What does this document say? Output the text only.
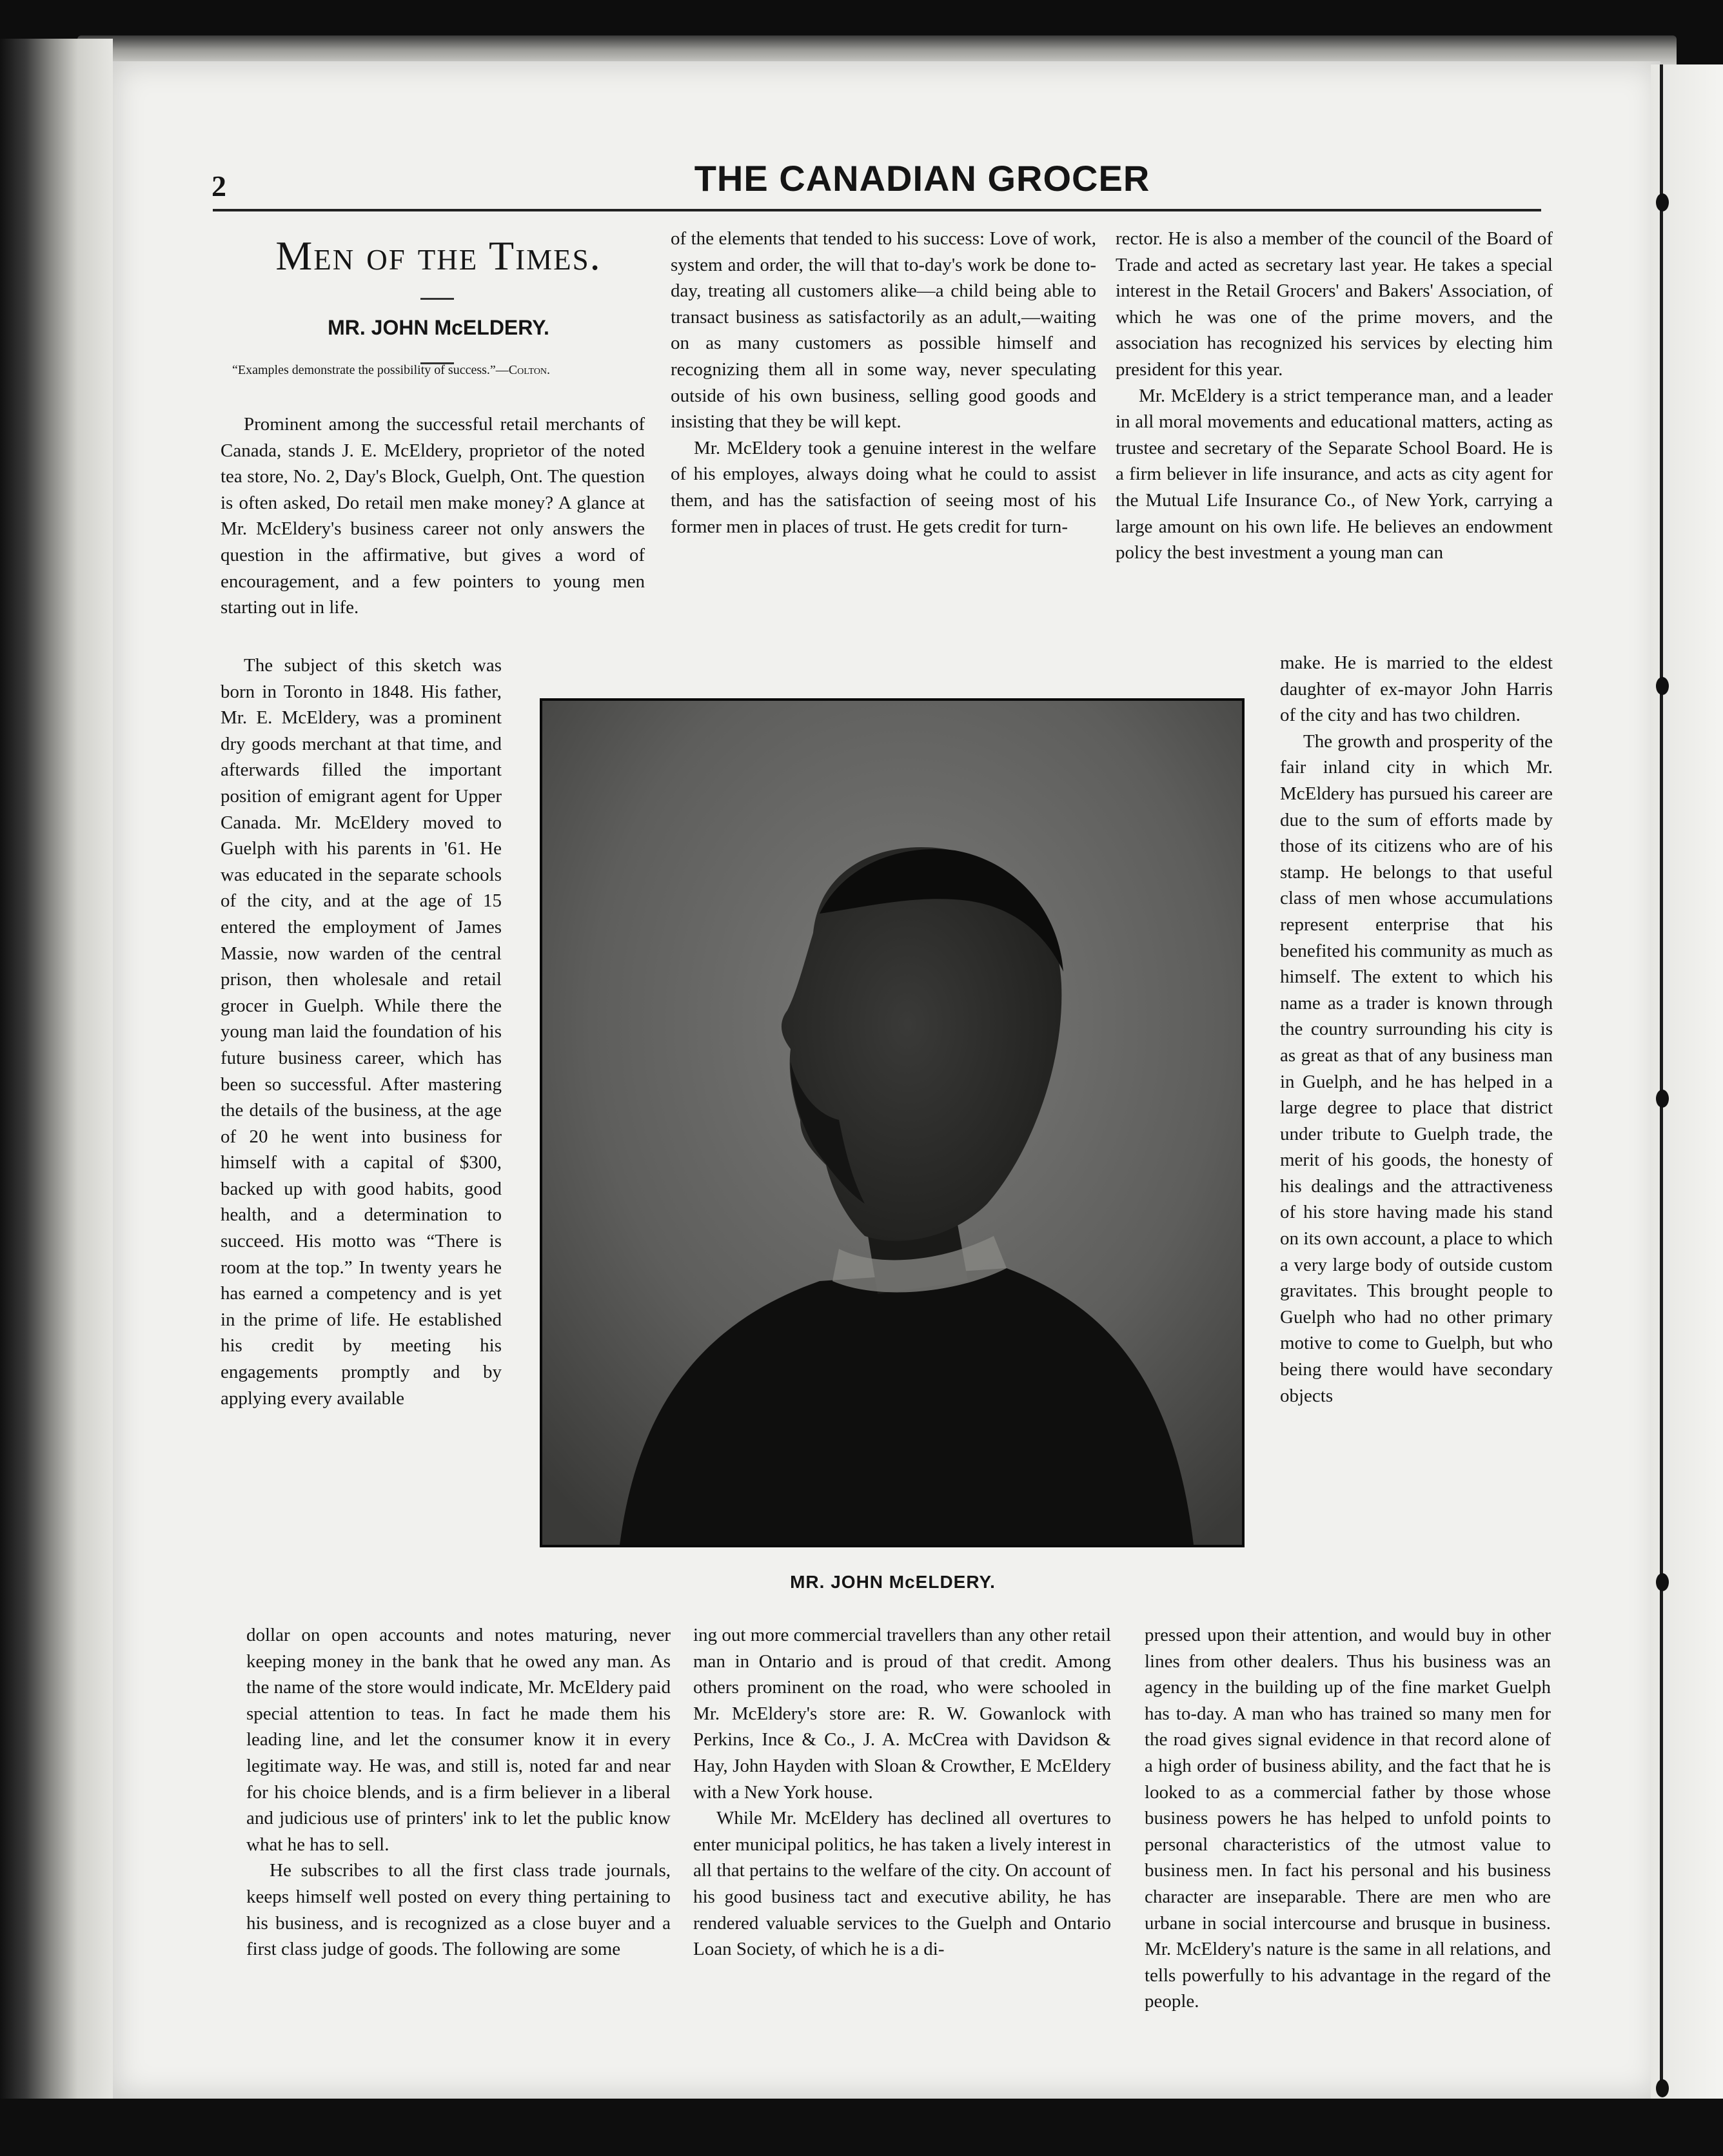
2	THE CANADIAN GROCER
Men of the Times.
MR. JOHN McELDERY.
“Examples demonstrate the possibility of success.”—Colton.

Prominent among the successful retail merchants of Canada, stands J. E. McEldery, proprietor of the noted tea store, No. 2, Day's Block, Guelph, Ont. The question is often asked, Do retail men make money? A glance at Mr. McEldery's business career not only answers the question in the affirmative, but gives a word of encouragement, and a few pointers to young men starting out in life.

The subject of this sketch was born in Toronto in 1848. His father, Mr. E. McEldery, was a prominent dry goods merchant at that time, and afterwards filled the important position of emigrant agent for Upper Canada. Mr. McEldery moved to Guelph with his parents in '61. He was educated in the separate schools of the city, and at the age of 15 entered the employment of James Massie, now warden of the central prison, then wholesale and retail grocer in Guelph. While there the young man laid the foundation of his future business career, which has been so successful. After mastering the details of the business, at the age of 20 he went into business for himself with a capital of $300, backed up with good habits, good health, and a determination to succeed. His motto was “There is room at the top.” In twenty years he has earned a competency and is yet in the prime of life. He established his credit by meeting his engagements promptly and by applying every available

dollar on open accounts and notes maturing, never keeping money in the bank that he owed any man. As the name of the store would indicate, Mr. McEldery paid special attention to teas. In fact he made them his leading line, and let the consumer know it in every legitimate way. He was, and still is, noted far and near for his choice blends, and is a firm believer in a liberal and judicious use of printers' ink to let the public know what he has to sell.

He subscribes to all the first class trade journals, keeps himself well posted on every thing pertaining to his business, and is recognized as a close buyer and a first class judge of goods. The following are some

of the elements that tended to his success: Love of work, system and order, the will that to-day's work be done to-day, treating all customers alike—a child being able to transact business as satisfactorily as an adult,—waiting on as many customers as possible himself and recognizing them all in some way, never speculating outside of his own business, selling good goods and insisting that they be will kept.

Mr. McEldery took a genuine interest in the welfare of his employes, always doing what he could to assist them, and has the satisfaction of seeing most of his former men in places of trust. He gets credit for turn-

ing out more commercial travellers than any other retail man in Ontario and is proud of that credit. Among others prominent on the road, who were schooled in Mr. McEldery's store are: R. W. Gowanlock with Perkins, Ince & Co., J. A. McCrea with Davidson & Hay, John Hayden with Sloan & Crowther, E McEldery with a New York house.

While Mr. McEldery has declined all overtures to enter municipal politics, he has taken a lively interest in all that pertains to the welfare of the city. On account of his good business tact and executive ability, he has rendered valuable services to the Guelph and Ontario Loan Society, of which he is a di-

rector. He is also a member of the council of the Board of Trade and acted as secretary last year. He takes a special interest in the Retail Grocers' and Bakers' Association, of which he was one of the prime movers, and the association has recognized his services by electing him president for this year.

Mr. McEldery is a strict temperance man, and a leader in all moral movements and educational matters, acting as trustee and secretary of the Separate School Board. He is a firm believer in life insurance, and acts as city agent for the Mutual Life Insurance Co., of New York, carrying a large amount on his own life. He believes an endowment policy the best investment a young man can

make. He is married to the eldest daughter of ex-mayor John Harris of the city and has two children.

The growth and prosperity of the fair inland city in which Mr. McEldery has pursued his career are due to the sum of efforts made by those of its citizens who are of his stamp. He belongs to that useful class of men whose accumulations represent enterprise that his benefited his community as much as himself. The extent to which his name as a trader is known through the country surrounding his city is as great as that of any business man in Guelph, and he has helped in a large degree to place that district under tribute to Guelph trade, the merit of his goods, the honesty of his dealings and the attractiveness of his store having made his stand on its own account, a place to which a very large body of outside custom gravitates. This brought people to Guelph who had no other primary motive to come to Guelph, but who being there would have secondary objects

pressed upon their attention, and would buy in other lines from other dealers. Thus his business was an agency in the building up of the fine market Guelph has to-day. A man who has trained so many men for the road gives signal evidence in that record alone of a high order of business ability, and the fact that he is looked to as a commercial father by those whose business powers he has helped to unfold points to personal characteristics of the utmost value to business men. In fact his personal and his business character are inseparable. There are men who are urbane in social intercourse and brusque in business. Mr. McEldery's nature is the same in all relations, and tells powerfully to his advantage in the regard of the people.

MR. JOHN McELDERY.
